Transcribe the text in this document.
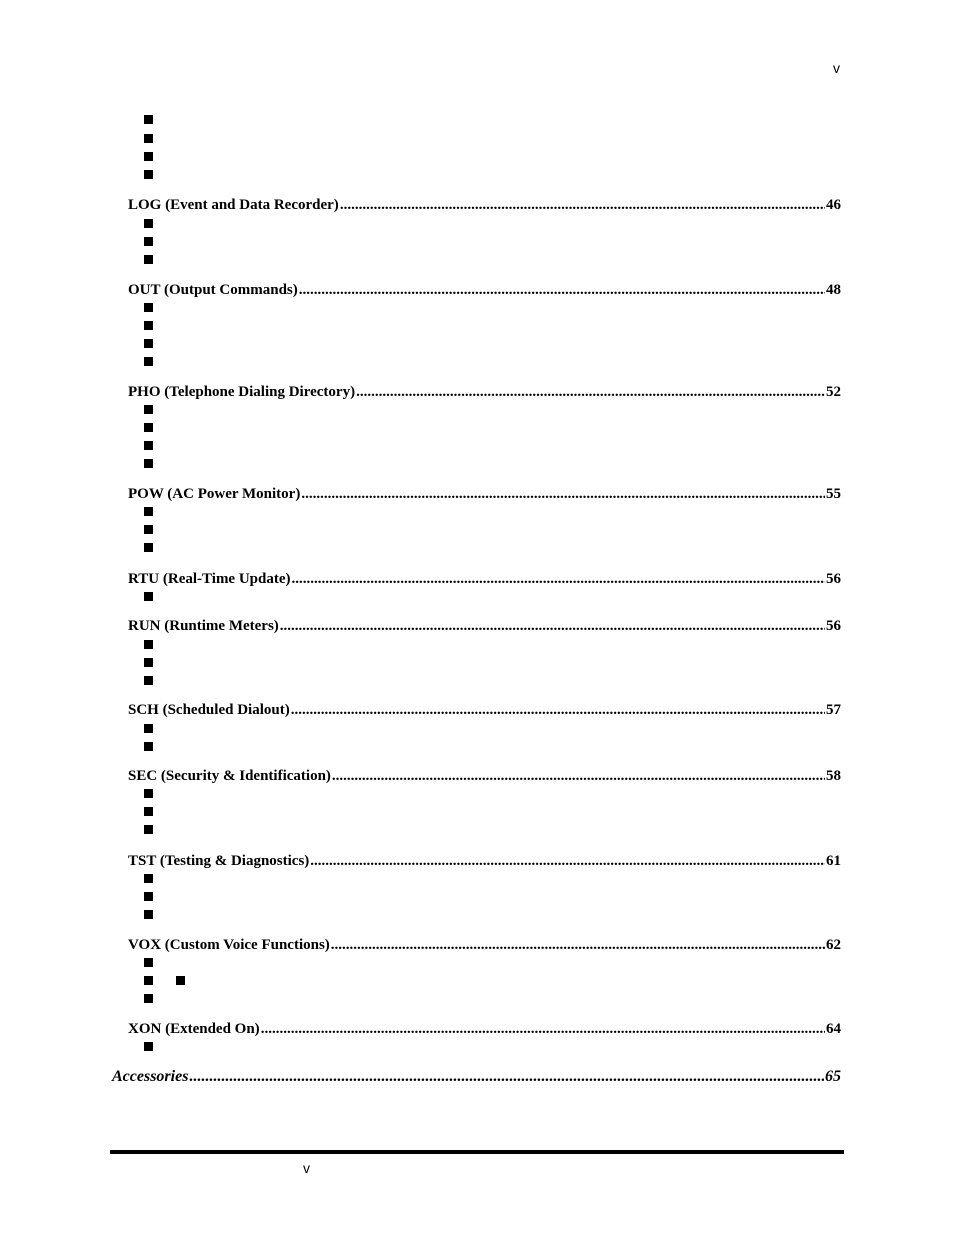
v
LOG (Event and Data Recorder) .....	46
OUT (Output Commands) .....	48
PHO (Telephone Dialing Directory) .....	52
POW (AC Power Monitor) .....	55
RTU (Real-Time Update) .....	56
RUN (Runtime Meters) .....	56
SCH (Scheduled Dialout) .....	57
SEC (Security & Identification) .....	58
TST (Testing & Diagnostics) .....	61
VOX (Custom Voice Functions) .....	62
XON (Extended On) .....	64
Accessories .....	65
v
